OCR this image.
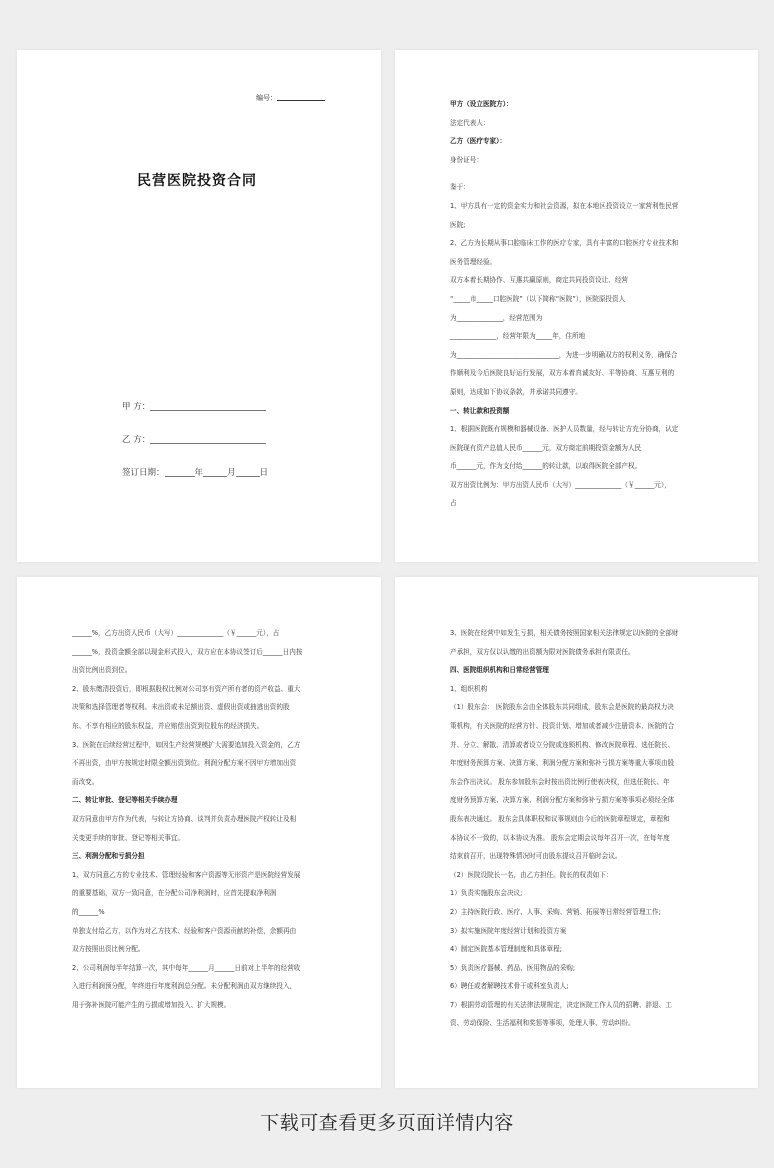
编号：
民营医院投资合同
甲 方：
乙 方：
签订日期：	年	月	日

甲方（设立医院方）：

法定代表人：

乙方（医疗专家）：

身份证号：

鉴于：

1、甲方具有一定的资金实力和社会资源，拟在本地区投资设立一家营利性民营

医院;

2、乙方为长期从事口腔临床工作的医疗专家，具有丰富的口腔医疗专业技术和

医务管理经验。

双方本着长期协作、互惠共赢原则，商定共同投资设让、经营

“_____市_____口腔医院”（以下简称“医院”），医院原投资人

为______________，经营范围为

______________，经营年限为_____年，住所地

为_______________________________，为进一步明确双方的权利义务，确保合

作顺利及今后医院良好运行发展，双方本着真诚友好、平等协商、互惠互利的

原则，达成如下协议条款，并承诺共同遵守。

一、转让款和投资额

1、根据医院既有规模和器械设备、医护人员数量，经与转让方充分协商，认定

医院现有资产总值人民币______元，双方商定前期投资金额为人民

币______元，作为支付给______的转让款，以取得医院全部产权。

双方出资比例为：甲方出资人民币（大写）______________（￥______元），

占

______%，乙方出资人民币（大写）______________（￥______元），占

______%，投资金额全部以现金形式投入，双方应在本协议签订后______日内按

出资比例出资到位。

2、股东缴清投资后，即根据股权比例对公司享有资产所有者的资产收益、重大

决策和选择管理者等权利。未出资或未足额出资、虚假出资或抽逃出资的股

东、不享有相应的股东权益，并应赔偿出资到位股东的经济损失。

3、医院在后续经营过程中，如因生产经营规模扩大需要追加投入资金的，乙方

不再出资，由甲方按规定时限全额出资到位。利润分配方案不因甲方增加出资

而改变。

二、转让审批、登记等相关手续办理

双方同意由甲方作为代表，与转让方协商、谈判并负责办理医院产权转让及相

关变更手续的审批、登记等相关事宜。

三、利润分配和亏损分担

1、双方同意乙方的专业技术、管理经验和客户资源等无形资产是医院经营发展

的重要基础，双方一致同意，在分配公司净利润时，应首先提取净利润

的______%

单独支付给乙方，以作为对乙方技术、经验和客户资源贡献的补偿，余额再由

双方按照出资比例分配。

2、公司利润每半年结算一次，其中每年______月______日前对上半年的经营收

入进行利润预分配，年终进行年度利润总分配。未分配利润由双方继续投入，

用于弥补医院可能产生的亏损或增加投入、扩大规模。

3、医院在经营中如发生亏损，相关债务按照国家相关法律规定以医院的全部财

产承担，双方仅以认缴的出资额为限对医院债务承担有限责任。

四、医院组织机构和日常经营管理

1、组织机构

（1）股东会： 医院股东会由全体股东共同组成，股东会是医院的最高权力决

策机构，有关医院的经营方针、投资计划、增加或者减少注册资本、医院的合

并、分立、解散、清算或者设立分院或连锁机构、修改医院章程、选任院长、

年度财务预算方案、决算方案、利润分配方案和弥补亏损方案等重大事项由股

东会作出决议。 股东参加股东会时按出资比例行使表决权，但选任院长、年

度财务预算方案、决算方案、利润分配方案和弥补亏损方案等事项必须经全体

股东表决通过。 股东会具体职权和议事规则由今后的医院章程规定，章程和

本协议不一致的，以本协议为准。 股东会定期会议每年召开一次，在每年度

结束前召开，出现特殊情况时可由股东提议召开临时会议。

（2）医院设院长一名，由乙方担任。院长的权责如下：

1）负责实施股东会决议;

2）主持医院行政、医疗、人事、采购、营销、拓展等日常经营管理工作;

3）拟实施医院年度经营计划和投资方案

4）制定医院基本管理制度和具体章程;

5）负责医疗器械、药品、医用物品的采购;

6）聘任或者解聘技术骨干或科室负责人;

7）根据劳动管理的有关法律法规规定，决定医院工作人员的招聘、辞退、工

资、劳动保险、生活福利和奖惩等事项，处理人事、劳动纠纷。

下载可查看更多页面详情内容
